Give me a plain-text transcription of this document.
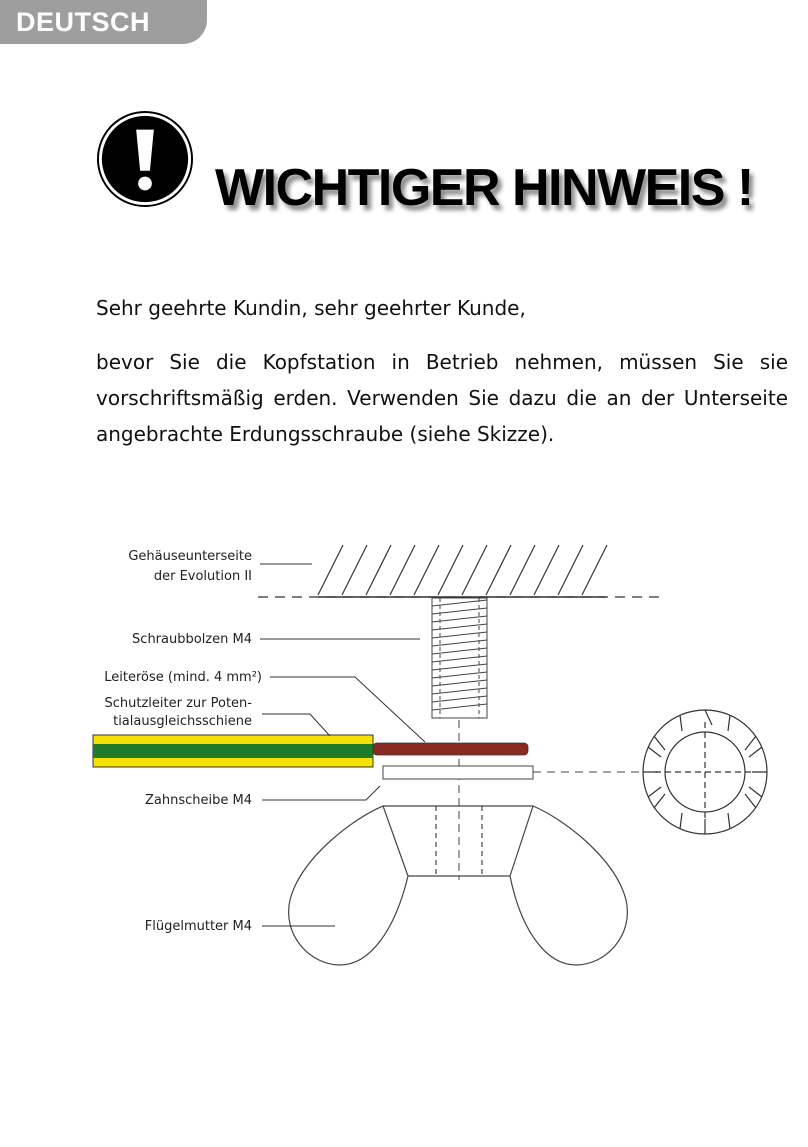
DEUTSCH
WICHTIGER HINWEIS !

Sehr geehrte Kundin, sehr geehrter Kunde,

bevor Sie die Kopfstation in Betrieb nehmen, müssen Sie sie vorschriftsmäßig erden. Verwenden Sie dazu die an der Unterseite angebrachte Erdungsschraube (siehe Skizze).

Gehäuseunterseite
der Evolution II
Schraubbolzen M4
Leiteröse (mind. 4 mm²)
Schutzleiter zur Poten-
tialausgleichsschiene
Zahnscheibe M4
Flügelmutter M4
